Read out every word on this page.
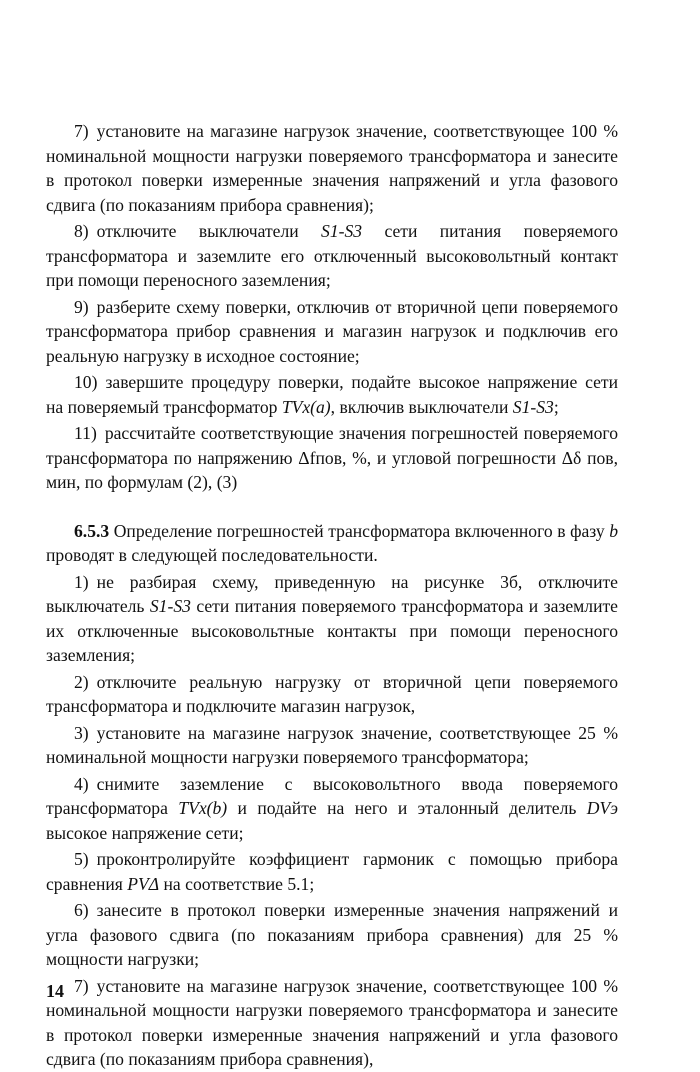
7) установите на магазине нагрузок значение, соответствующее 100 % номинальной мощности нагрузки поверяемого трансформатора и занесите в протокол поверки измеренные значения напряжений и угла фазового сдвига (по показаниям прибора сравнения);

8) отключите выключатели S1-S3 сети питания поверяемого трансформатора и заземлите его отключенный высоковольтный контакт при помощи переносного заземления;

9) разберите схему поверки, отключив от вторичной цепи поверяемого трансформатора прибор сравнения и магазин нагрузок и подключив его реальную нагрузку в исходное состояние;

10) завершите процедуру поверки, подайте высокое напряжение сети на поверяемый трансформатор TVx(a), включив выключатели S1-S3;

11) рассчитайте соответствующие значения погрешностей поверяемого трансформатора по напряжению Δfпов, %, и угловой погрешности Δδ пов, мин, по формулам (2), (3)

6.5.3 Определение погрешностей трансформатора включенного в фазу b проводят в следующей последовательности.

1) не разбирая схему, приведенную на рисунке 3б, отключите выключатель S1-S3 сети питания поверяемого трансформатора и заземлите их отключенные высоковольтные контакты при помощи переносного заземления;

2) отключите реальную нагрузку от вторичной цепи поверяемого трансформатора и подключите магазин нагрузок,

3) установите на магазине нагрузок значение, соответствующее 25 % номинальной мощности нагрузки поверяемого трансформатора;

4) снимите заземление с высоковольтного ввода поверяемого трансформатора TVx(b) и подайте на него и эталонный делитель DVэ высокое напряжение сети;

5) проконтролируйте коэффициент гармоник с помощью прибора сравнения PVΔ на соответствие 5.1;

6) занесите в протокол поверки измеренные значения напряжений и угла фазового сдвига (по показаниям прибора сравнения) для 25 % мощности нагрузки;

7) установите на магазине нагрузок значение, соответствующее 100 % номинальной мощности нагрузки поверяемого трансформатора и занесите в протокол поверки измеренные значения напряжений и угла фазового сдвига (по показаниям прибора сравнения),

14
